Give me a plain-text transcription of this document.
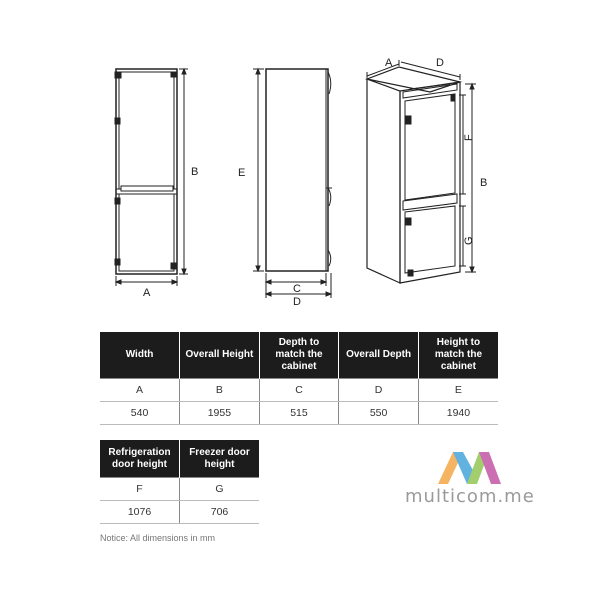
A
B	E
C
D
A	D
F
G
B
Width	Overall Height	Depth to match the cabinet	Overall Depth	Height to match the cabinet
A	B	C	D	E
540	1955	515	550	1940
Refrigeration door height	Freezer door height
F	G
1076	706
Notice: All dimensions in mm
multicom.me
